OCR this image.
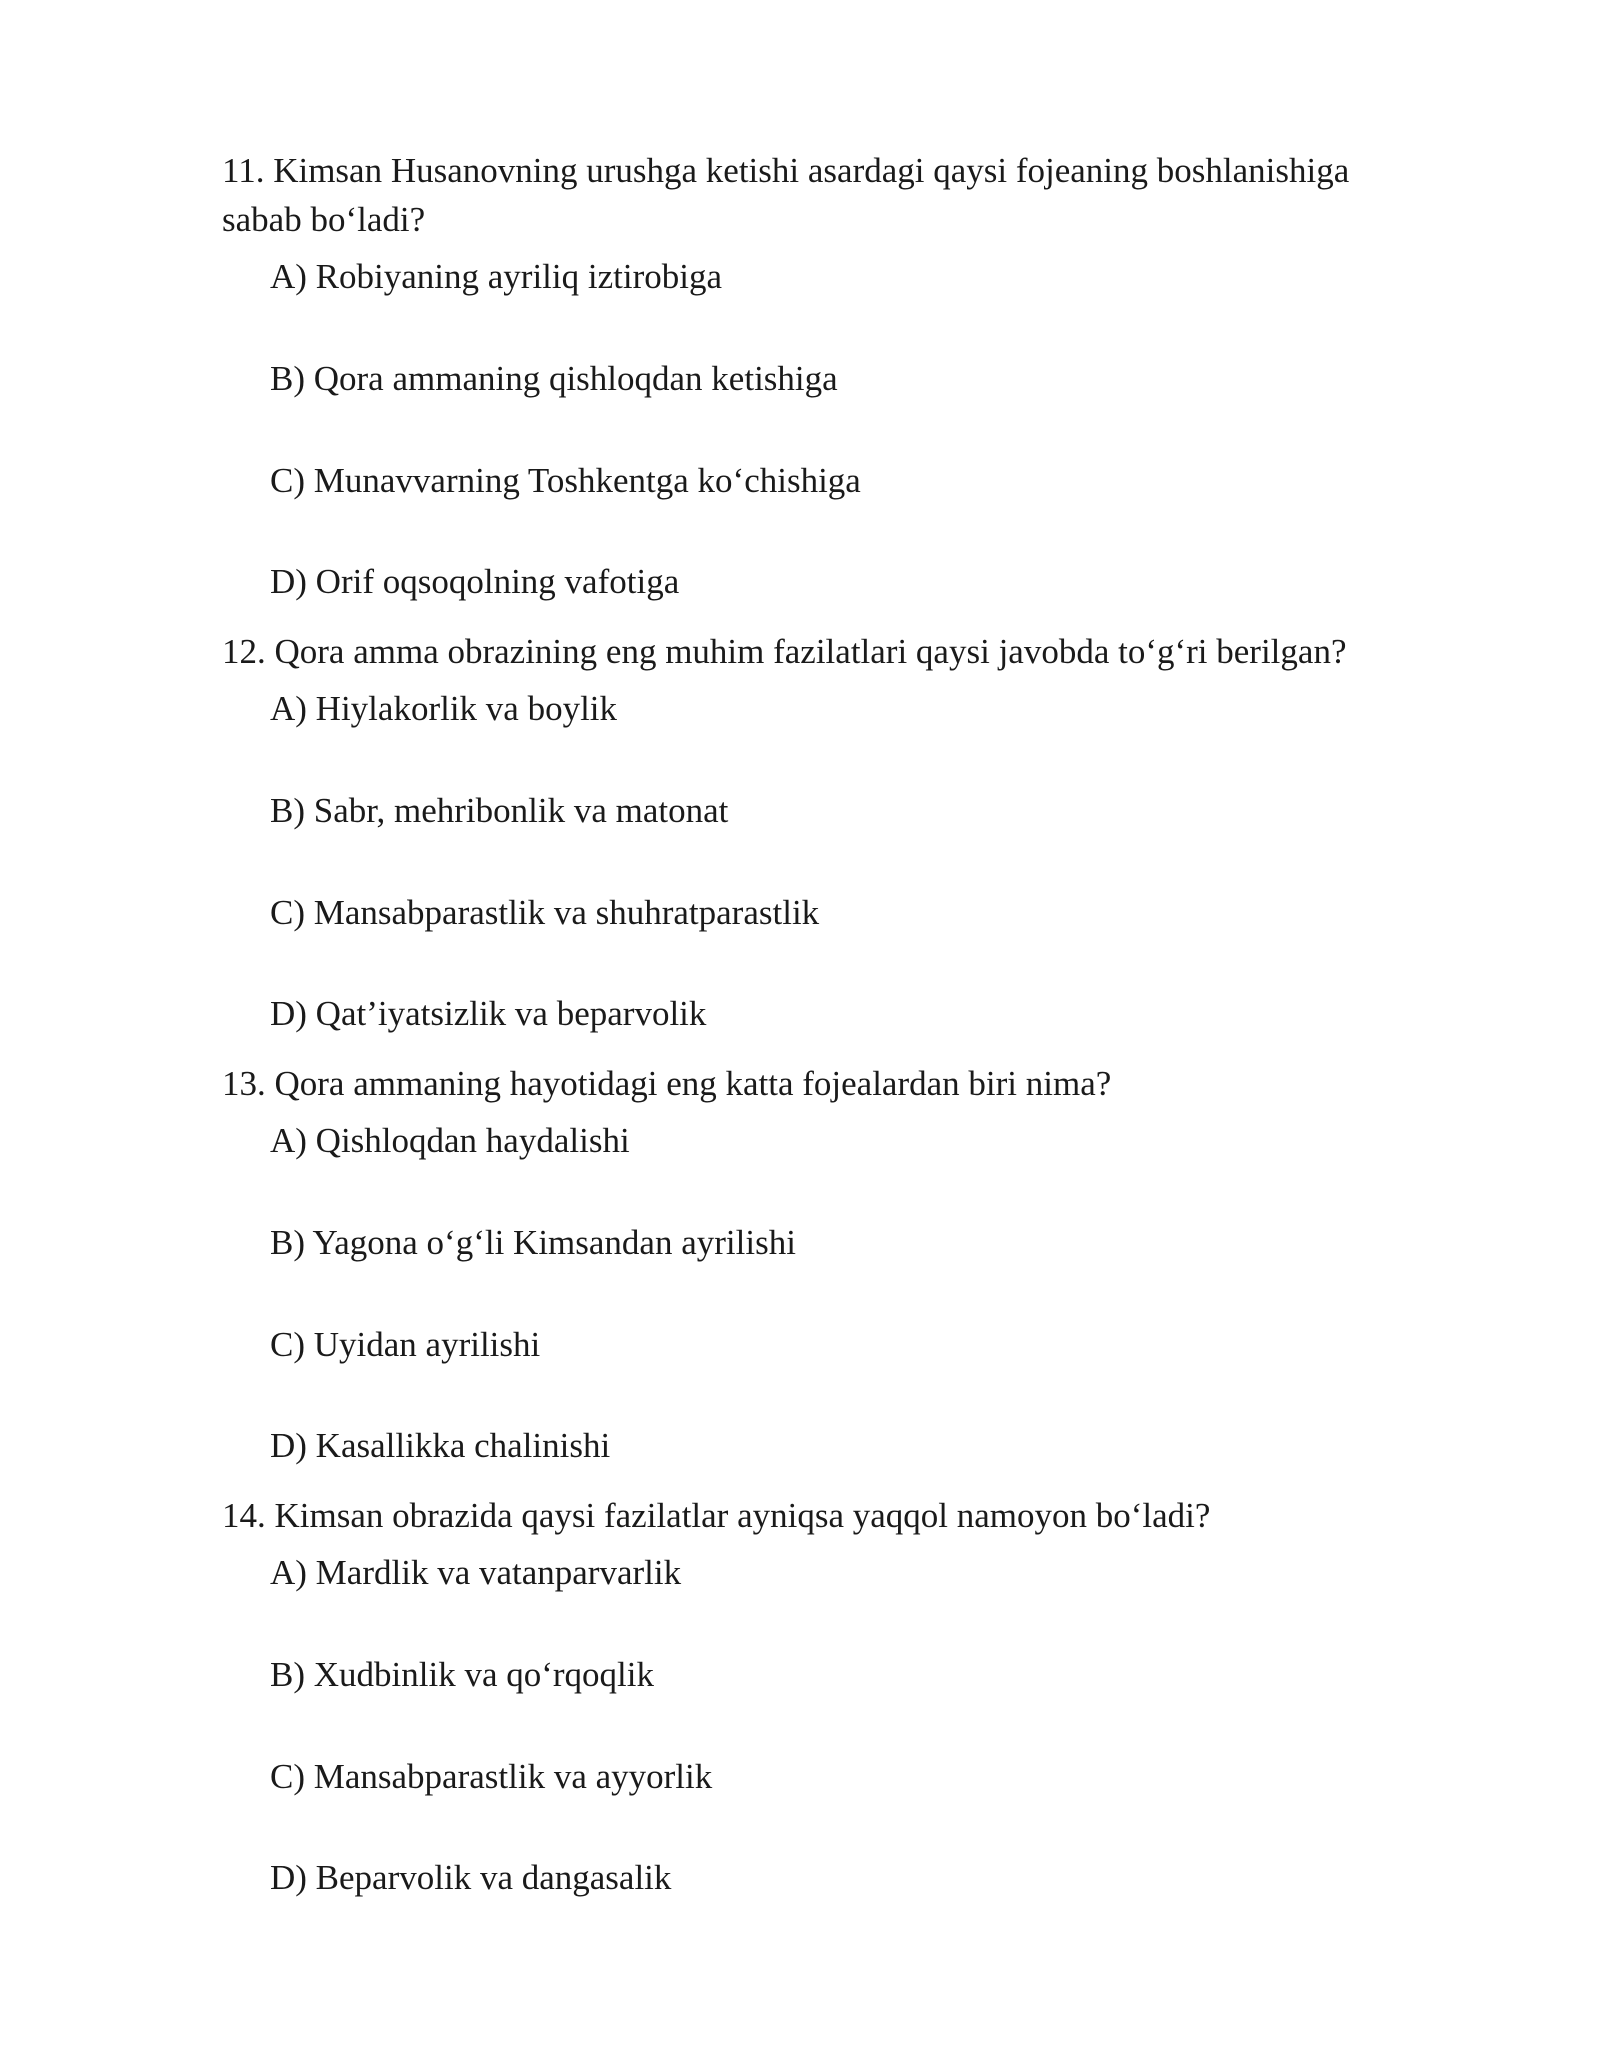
11. Kimsan Husanovning urushga ketishi asardagi qaysi fojeaning boshlanishiga sabab bo‘ladi?

A) Robiyaning ayriliq iztirobiga

B) Qora ammaning qishloqdan ketishiga

C) Munavvarning Toshkentga ko‘chishiga

D) Orif oqsoqolning vafotiga

12. Qora amma obrazining eng muhim fazilatlari qaysi javobda to‘g‘ri berilgan?

A) Hiylakorlik va boylik

B) Sabr, mehribonlik va matonat

C) Mansabparastlik va shuhratparastlik

D) Qat’iyatsizlik va beparvolik

13. Qora ammaning hayotidagi eng katta fojealardan biri nima?

A) Qishloqdan haydalishi

B) Yagona o‘g‘li Kimsandan ayrilishi

C) Uyidan ayrilishi

D) Kasallikka chalinishi

14. Kimsan obrazida qaysi fazilatlar ayniqsa yaqqol namoyon bo‘ladi?

A) Mardlik va vatanparvarlik

B) Xudbinlik va qo‘rqoqlik

C) Mansabparastlik va ayyorlik

D) Beparvolik va dangasalik
